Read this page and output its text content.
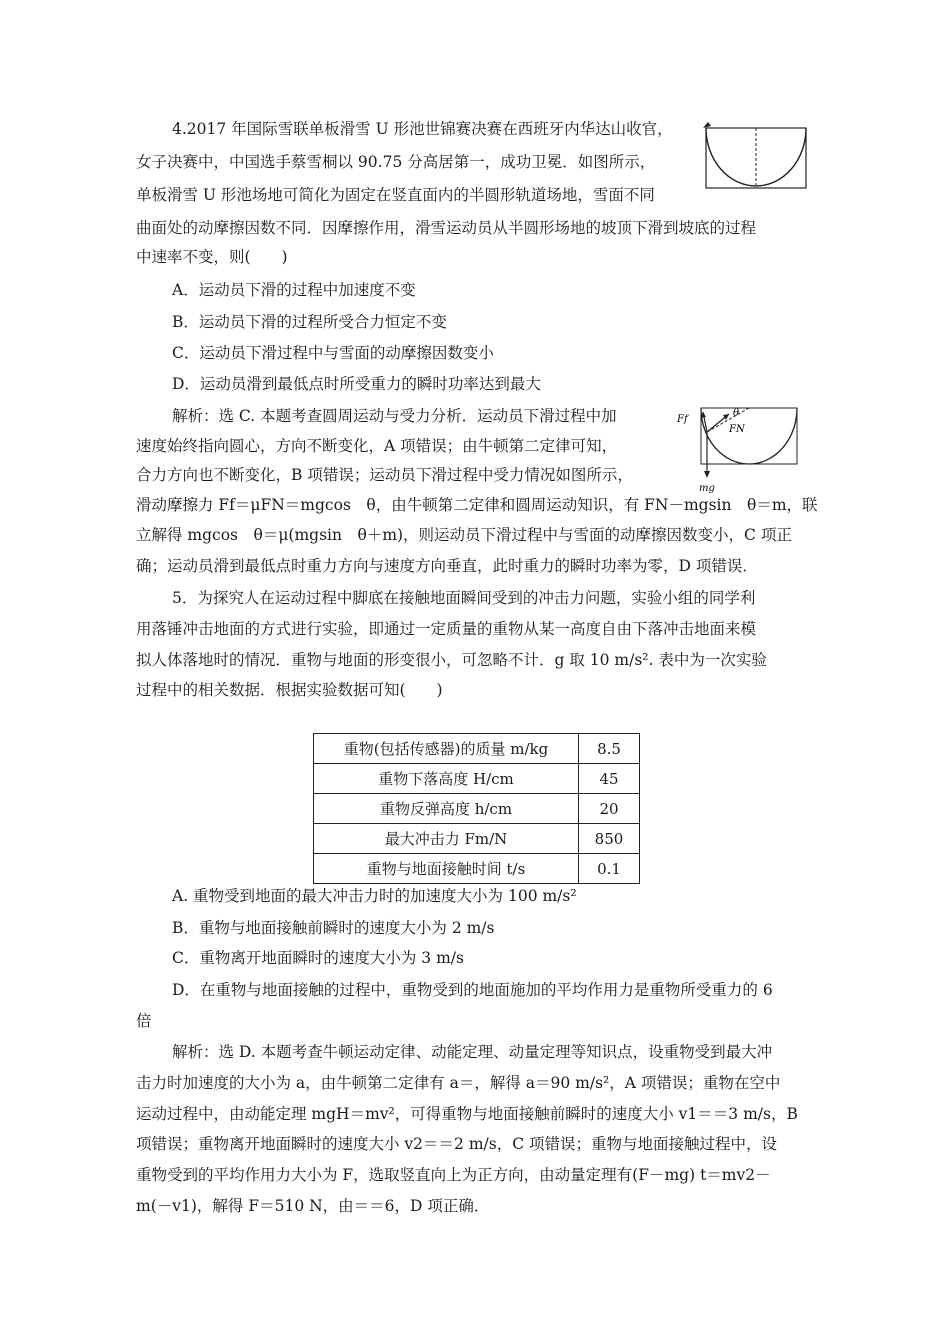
4.2017 年国际雪联单板滑雪 U 形池世锦赛决赛在西班牙内华达山收官，
女子决赛中，中国选手蔡雪桐以 90.75 分高居第一，成功卫冕．如图所示，
单板滑雪 U 形池场地可简化为固定在竖直面内的半圆形轨道场地，雪面不同
曲面处的动摩擦因数不同．因摩擦作用，滑雪运动员从半圆形场地的坡顶下滑到坡底的过程
中速率不变，则(　　)
A．运动员下滑的过程中加速度不变
B．运动员下滑的过程所受合力恒定不变
C．运动员下滑过程中与雪面的动摩擦因数变小
D．运动员滑到最低点时所受重力的瞬时功率达到最大
解析：选 C. 本题考查圆周运动与受力分析．运动员下滑过程中加
速度始终指向圆心，方向不断变化，A 项错误；由牛顿第二定律可知，
合力方向也不断变化，B 项错误；运动员下滑过程中受力情况如图所示，
滑动摩擦力 Ff＝μFN＝mgcos　θ，由牛顿第二定律和圆周运动知识，有 FN－mgsin　θ＝m，联
立解得 mgcos　θ＝μ(mgsin　θ＋m)，则运动员下滑过程中与雪面的动摩擦因数变小，C 项正
确；运动员滑到最低点时重力方向与速度方向垂直，此时重力的瞬时功率为零，D 项错误．
Ff
FN
θ
mg
5．为探究人在运动过程中脚底在接触地面瞬间受到的冲击力问题，实验小组的同学利
用落锤冲击地面的方式进行实验，即通过一定质量的重物从某一高度自由下落冲击地面来模
拟人体落地时的情况．重物与地面的形变很小，可忽略不计．g 取 10 m/s². 表中为一次实验
过程中的相关数据．根据实验数据可知(　　)
重物(包括传感器)的质量 m/kg	8.5
重物下落高度 H/cm	45
重物反弹高度 h/cm	20
最大冲击力 Fm/N	850
重物与地面接触时间 t/s	0.1
A. 重物受到地面的最大冲击力时的加速度大小为 100 m/s²
B．重物与地面接触前瞬时的速度大小为 2 m/s
C．重物离开地面瞬时的速度大小为 3 m/s
D．在重物与地面接触的过程中，重物受到的地面施加的平均作用力是重物所受重力的 6
倍
解析：选 D. 本题考查牛顿运动定律、动能定理、动量定理等知识点，设重物受到最大冲
击力时加速度的大小为 a，由牛顿第二定律有 a＝，解得 a＝90 m/s²，A 项错误；重物在空中
运动过程中，由动能定理 mgH＝mv²，可得重物与地面接触前瞬时的速度大小 v1＝＝3 m/s，B
项错误；重物离开地面瞬时的速度大小 v2＝＝2 m/s，C 项错误；重物与地面接触过程中，设
重物受到的平均作用力大小为 F，选取竖直向上为正方向，由动量定理有(F－mg) t＝mv2－
m(－v1)，解得 F＝510 N，由＝＝6，D 项正确．
